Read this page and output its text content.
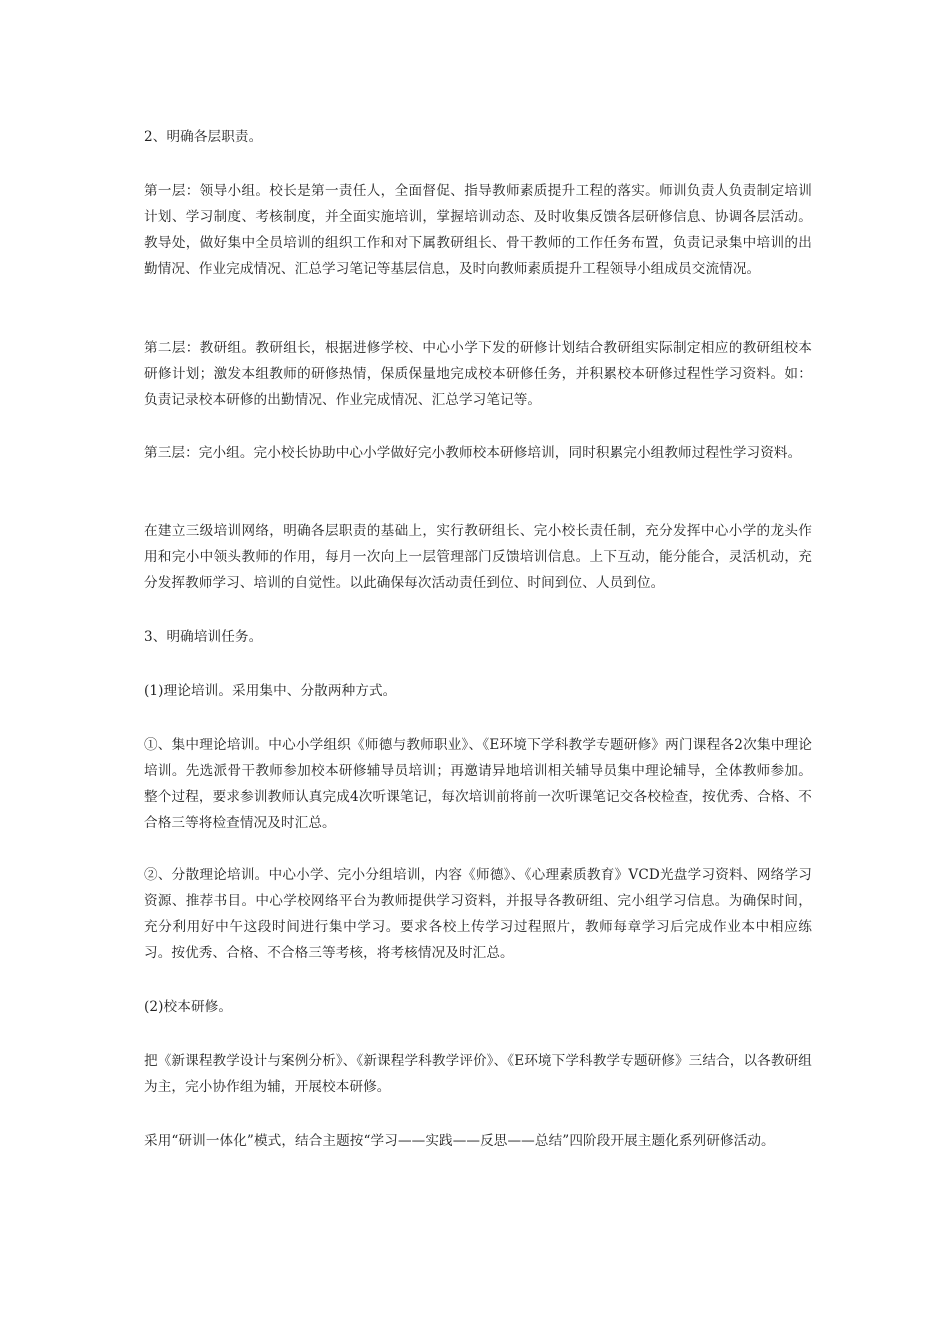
2、明确各层职责。

第一层：领导小组。校长是第一责任人，全面督促、指导教师素质提升工程的落实。师训负责人负责制定培训计划、学习制度、考核制度，并全面实施培训，掌握培训动态、及时收集反馈各层研修信息、协调各层活动。教导处，做好集中全员培训的组织工作和对下属教研组长、骨干教师的工作任务布置，负责记录集中培训的出勤情况、作业完成情况、汇总学习笔记等基层信息，及时向教师素质提升工程领导小组成员交流情况。

第二层：教研组。教研组长，根据进修学校、中心小学下发的研修计划结合教研组实际制定相应的教研组校本研修计划；激发本组教师的研修热情，保质保量地完成校本研修任务，并积累校本研修过程性学习资料。如：负责记录校本研修的出勤情况、作业完成情况、汇总学习笔记等。

第三层：完小组。完小校长协助中心小学做好完小教师校本研修培训，同时积累完小组教师过程性学习资料。

在建立三级培训网络，明确各层职责的基础上，实行教研组长、完小校长责任制，充分发挥中心小学的龙头作用和完小中领头教师的作用，每月一次向上一层管理部门反馈培训信息。上下互动，能分能合，灵活机动，充分发挥教师学习、培训的自觉性。以此确保每次活动责任到位、时间到位、人员到位。

3、明确培训任务。

(1)理论培训。采用集中、分散两种方式。

①、集中理论培训。中心小学组织《师德与教师职业》、《E环境下学科教学专题研修》两门课程各2次集中理论培训。先选派骨干教师参加校本研修辅导员培训；再邀请异地培训相关辅导员集中理论辅导，全体教师参加。整个过程，要求参训教师认真完成4次听课笔记，每次培训前将前一次听课笔记交各校检查，按优秀、合格、不合格三等将检查情况及时汇总。

②、分散理论培训。中心小学、完小分组培训，内容《师德》、《心理素质教育》VCD光盘学习资料、网络学习资源、推荐书目。中心学校网络平台为教师提供学习资料，并报导各教研组、完小组学习信息。为确保时间，充分利用好中午这段时间进行集中学习。要求各校上传学习过程照片，教师每章学习后完成作业本中相应练习。按优秀、合格、不合格三等考核，将考核情况及时汇总。

(2)校本研修。

把《新课程教学设计与案例分析》、《新课程学科教学评价》、《E环境下学科教学专题研修》三结合，以各教研组为主，完小协作组为辅，开展校本研修。

采用“研训一体化”模式，结合主题按“学习——实践——反思——总结”四阶段开展主题化系列研修活动。
